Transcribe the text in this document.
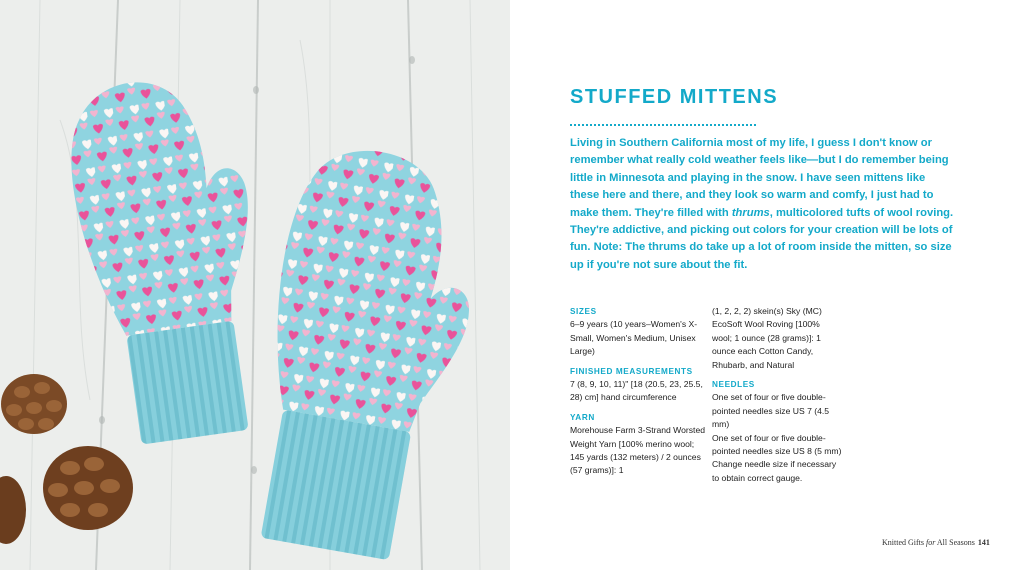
STUFFED MITTENS

Living in Southern California most of my life, I guess I don't know or remember what really cold weather feels like—but I do remember being little in Minnesota and playing in the snow. I have seen mittens like these here and there, and they look so warm and comfy, I just had to make them. They're filled with thrums, multicolored tufts of wool roving. They're addictive, and picking out colors for your creation will be lots of fun. Note: The thrums do take up a lot of room inside the mitten, so size up if you're not sure about the fit.

SIZES

6–9 years (10 years–Women's X-Small, Women's Medium, Unisex Large)

FINISHED MEASUREMENTS

7 (8, 9, 10, 11)" [18 (20.5, 23, 25.5, 28) cm] hand circumference

YARN

Morehouse Farm 3-Strand Worsted Weight Yarn [100% merino wool; 145 yards (132 meters) / 2 ounces (57 grams)]: 1

(1, 2, 2, 2) skein(s) Sky (MC)

EcoSoft Wool Roving [100% wool; 1 ounce (28 grams)]: 1 ounce each Cotton Candy, Rhubarb, and Natural

NEEDLES

One set of four or five double-pointed needles size US 7 (4.5 mm)

One set of four or five double-pointed needles size US 8 (5 mm)

Change needle size if necessary to obtain correct gauge.

Knitted Gifts for All Seasons 141
